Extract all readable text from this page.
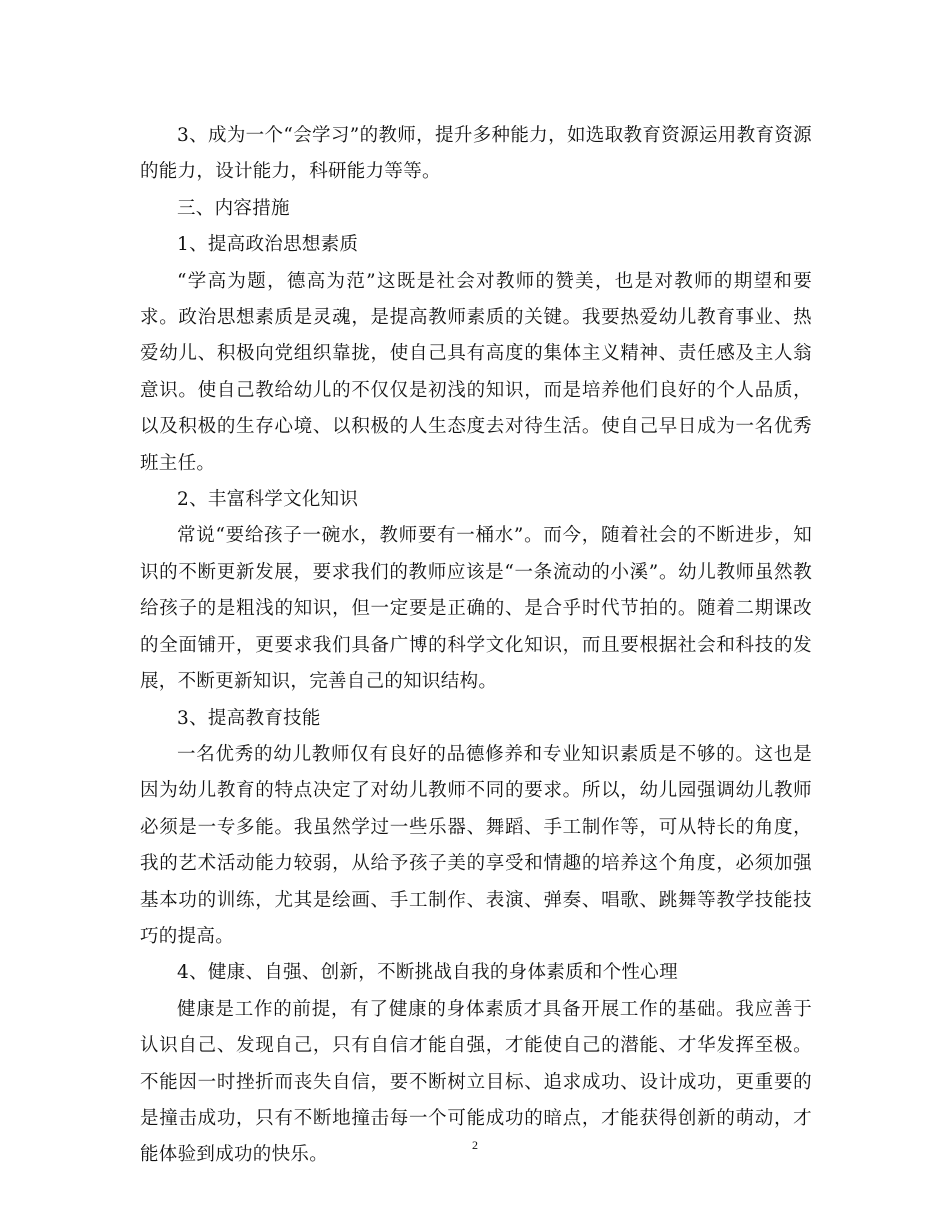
3、成为一个“会学习”的教师，提升多种能力，如选取教育资源运用教育资源的能力，设计能力，科研能力等等。

三、内容措施

1、提高政治思想素质

“学高为题，德高为范”这既是社会对教师的赞美，也是对教师的期望和要求。政治思想素质是灵魂，是提高教师素质的关键。我要热爱幼儿教育事业、热爱幼儿、积极向党组织靠拢，使自己具有高度的集体主义精神、责任感及主人翁意识。使自己教给幼儿的不仅仅是初浅的知识，而是培养他们良好的个人品质，以及积极的生存心境、以积极的人生态度去对待生活。使自己早日成为一名优秀班主任。

2、丰富科学文化知识

常说“要给孩子一碗水，教师要有一桶水”。而今，随着社会的不断进步，知识的不断更新发展，要求我们的教师应该是“一条流动的小溪”。幼儿教师虽然教给孩子的是粗浅的知识，但一定要是正确的、是合乎时代节拍的。随着二期课改的全面铺开，更要求我们具备广博的科学文化知识，而且要根据社会和科技的发展，不断更新知识，完善自己的知识结构。

3、提高教育技能

一名优秀的幼儿教师仅有良好的品德修养和专业知识素质是不够的。这也是因为幼儿教育的特点决定了对幼儿教师不同的要求。所以，幼儿园强调幼儿教师必须是一专多能。我虽然学过一些乐器、舞蹈、手工制作等，可从特长的角度，我的艺术活动能力较弱，从给予孩子美的享受和情趣的培养这个角度，必须加强基本功的训练，尤其是绘画、手工制作、表演、弹奏、唱歌、跳舞等教学技能技巧的提高。

4、健康、自强、创新，不断挑战自我的身体素质和个性心理

健康是工作的前提，有了健康的身体素质才具备开展工作的基础。我应善于认识自己、发现自己，只有自信才能自强，才能使自己的潜能、才华发挥至极。不能因一时挫折而丧失自信，要不断树立目标、追求成功、设计成功，更重要的是撞击成功，只有不断地撞击每一个可能成功的暗点，才能获得创新的萌动，才能体验到成功的快乐。	2
